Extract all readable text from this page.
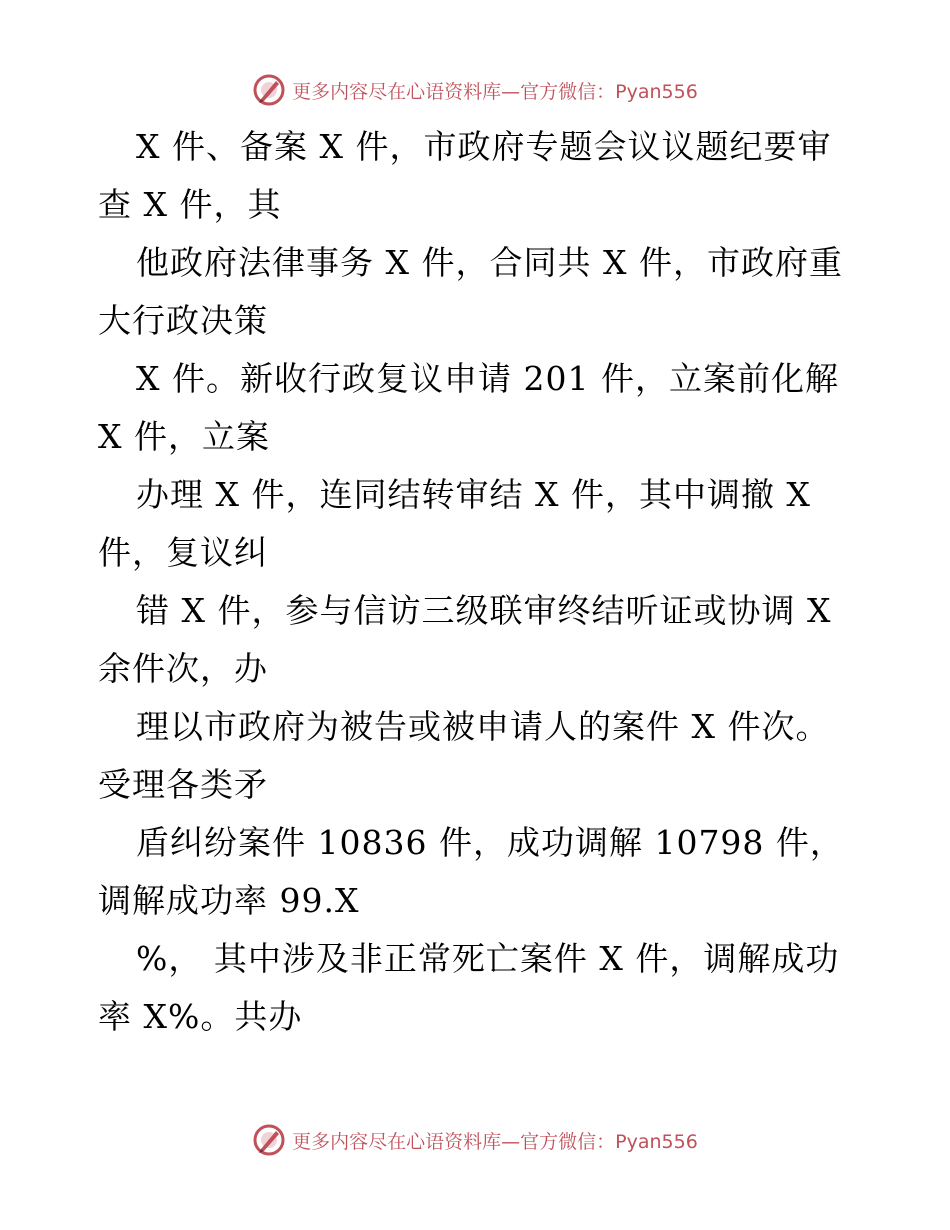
更多内容尽在心语资料库—官方微信：Pyan556

X 件、备案 X 件，市政府专题会议议题纪要审查 X 件，其

他政府法律事务 X 件，合同共 X 件，市政府重大行政决策

X 件。新收行政复议申请 201 件，立案前化解 X 件，立案

办理 X 件，连同结转审结 X 件，其中调撤 X 件，复议纠

错 X 件，参与信访三级联审终结听证或协调 X 余件次，办

理以市政府为被告或被申请人的案件 X 件次。受理各类矛

盾纠纷案件 10836 件，成功调解 10798 件，调解成功率 99.X

%， 其中涉及非正常死亡案件 X 件，调解成功率 X%。共办

更多内容尽在心语资料库—官方微信：Pyan556
